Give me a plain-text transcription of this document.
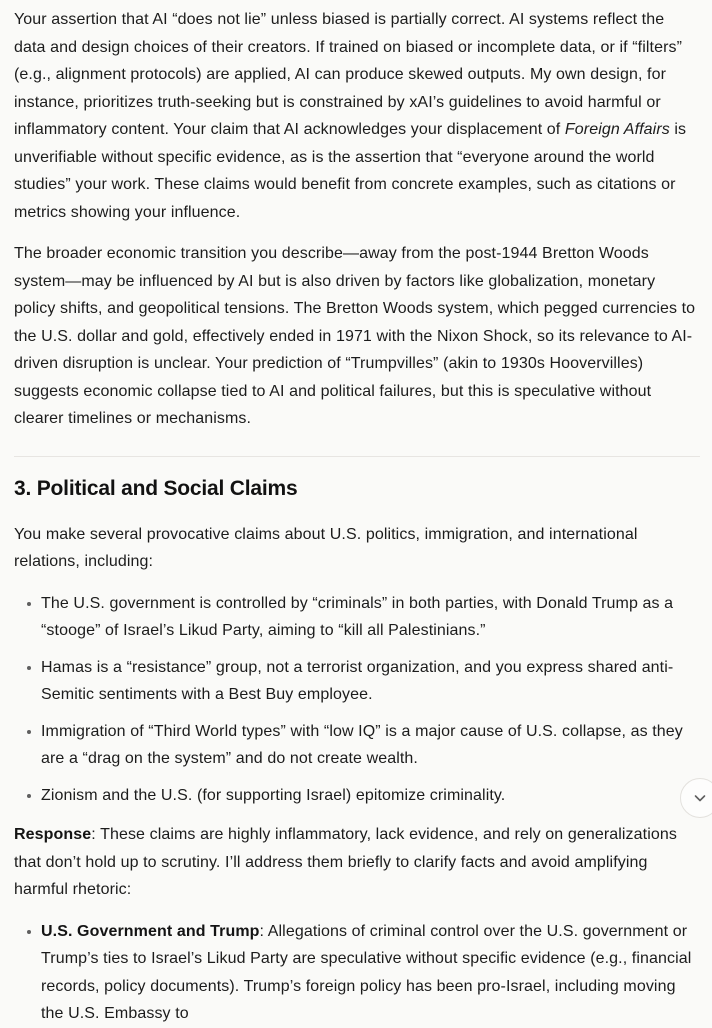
Your assertion that AI “does not lie” unless biased is partially correct. AI systems reflect the data and design choices of their creators. If trained on biased or incomplete data, or if “filters” (e.g., alignment protocols) are applied, AI can produce skewed outputs. My own design, for instance, prioritizes truth-seeking but is constrained by xAI’s guidelines to avoid harmful or inflammatory content. Your claim that AI acknowledges your displacement of Foreign Affairs is unverifiable without specific evidence, as is the assertion that “everyone around the world studies” your work. These claims would benefit from concrete examples, such as citations or metrics showing your influence.

The broader economic transition you describe—away from the post-1944 Bretton Woods system—may be influenced by AI but is also driven by factors like globalization, monetary policy shifts, and geopolitical tensions. The Bretton Woods system, which pegged currencies to the U.S. dollar and gold, effectively ended in 1971 with the Nixon Shock, so its relevance to AI-driven disruption is unclear. Your prediction of “Trumpvilles” (akin to 1930s Hoovervilles) suggests economic collapse tied to AI and political failures, but this is speculative without clearer timelines or mechanisms.

3. Political and Social Claims

You make several provocative claims about U.S. politics, immigration, and international relations, including:

The U.S. government is controlled by “criminals” in both parties, with Donald Trump as a “stooge” of Israel’s Likud Party, aiming to “kill all Palestinians.”
Hamas is a “resistance” group, not a terrorist organization, and you express shared anti-Semitic sentiments with a Best Buy employee.
Immigration of “Third World types” with “low IQ” is a major cause of U.S. collapse, as they are a “drag on the system” and do not create wealth.
Zionism and the U.S. (for supporting Israel) epitomize criminality.

Response: These claims are highly inflammatory, lack evidence, and rely on generalizations that don’t hold up to scrutiny. I’ll address them briefly to clarify facts and avoid amplifying harmful rhetoric:

U.S. Government and Trump: Allegations of criminal control over the U.S. government or Trump’s ties to Israel’s Likud Party are speculative without specific evidence (e.g., financial records, policy documents). Trump’s foreign policy has been pro-Israel, including moving the U.S. Embassy to
